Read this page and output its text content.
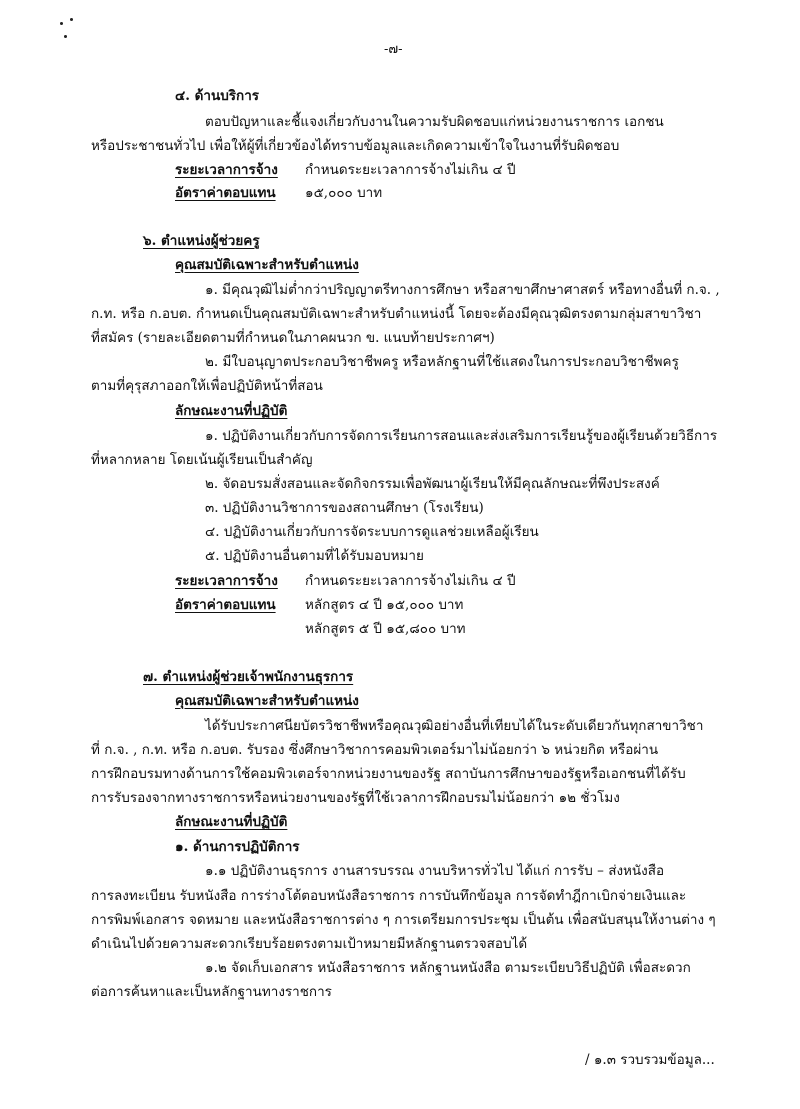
-๗-
๔. ด้านบริการ
ตอบปัญหาและชี้แจงเกี่ยวกับงานในความรับผิดชอบแก่หน่วยงานราชการ เอกชน
หรือประชาชนทั่วไป เพื่อให้ผู้ที่เกี่ยวข้องได้ทราบข้อมูลและเกิดความเข้าใจในงานที่รับผิดชอบ
ระยะเวลาการจ้าง กำหนดระยะเวลาการจ้างไม่เกิน ๔ ปี
อัตราค่าตอบแทน ๑๕,๐๐๐ บาท
๖. ตำแหน่งผู้ช่วยครู
คุณสมบัติเฉพาะสำหรับตำแหน่ง
๑. มีคุณวุฒิไม่ต่ำกว่าปริญญาตรีทางการศึกษา หรือสาขาศึกษาศาสตร์ หรือทางอื่นที่ ก.จ. ,
ก.ท. หรือ ก.อบต. กำหนดเป็นคุณสมบัติเฉพาะสำหรับตำแหน่งนี้ โดยจะต้องมีคุณวุฒิตรงตามกลุ่มสาขาวิชา
ที่สมัคร (รายละเอียดตามที่กำหนดในภาคผนวก ข. แนบท้ายประกาศฯ)
๒. มีใบอนุญาตประกอบวิชาชีพครู หรือหลักฐานที่ใช้แสดงในการประกอบวิชาชีพครู
ตามที่คุรุสภาออกให้เพื่อปฏิบัติหน้าที่สอน
ลักษณะงานที่ปฏิบัติ
๑. ปฏิบัติงานเกี่ยวกับการจัดการเรียนการสอนและส่งเสริมการเรียนรู้ของผู้เรียนด้วยวิธีการ
ที่หลากหลาย โดยเน้นผู้เรียนเป็นสำคัญ
๒. จัดอบรมสั่งสอนและจัดกิจกรรมเพื่อพัฒนาผู้เรียนให้มีคุณลักษณะที่พึงประสงค์
๓. ปฏิบัติงานวิชาการของสถานศึกษา (โรงเรียน)
๔. ปฏิบัติงานเกี่ยวกับการจัดระบบการดูแลช่วยเหลือผู้เรียน
๕. ปฏิบัติงานอื่นตามที่ได้รับมอบหมาย
ระยะเวลาการจ้าง กำหนดระยะเวลาการจ้างไม่เกิน ๔ ปี
อัตราค่าตอบแทน หลักสูตร ๔ ปี ๑๕,๐๐๐ บาท
หลักสูตร ๕ ปี ๑๕,๘๐๐ บาท
๗. ตำแหน่งผู้ช่วยเจ้าพนักงานธุรการ
คุณสมบัติเฉพาะสำหรับตำแหน่ง
ได้รับประกาศนียบัตรวิชาชีพหรือคุณวุฒิอย่างอื่นที่เทียบได้ในระดับเดียวกันทุกสาขาวิชา
ที่ ก.จ. , ก.ท. หรือ ก.อบต. รับรอง ซึ่งศึกษาวิชาการคอมพิวเตอร์มาไม่น้อยกว่า ๖ หน่วยกิต หรือผ่าน
การฝึกอบรมทางด้านการใช้คอมพิวเตอร์จากหน่วยงานของรัฐ สถาบันการศึกษาของรัฐหรือเอกชนที่ได้รับ
การรับรองจากทางราชการหรือหน่วยงานของรัฐที่ใช้เวลาการฝึกอบรมไม่น้อยกว่า ๑๒ ชั่วโมง
ลักษณะงานที่ปฏิบัติ
๑. ด้านการปฏิบัติการ
๑.๑ ปฏิบัติงานธุรการ งานสารบรรณ งานบริหารทั่วไป ได้แก่ การรับ – ส่งหนังสือ
การลงทะเบียน รับหนังสือ การร่างโต้ตอบหนังสือราชการ การบันทึกข้อมูล การจัดทำฎีกาเบิกจ่ายเงินและ
การพิมพ์เอกสาร จดหมาย และหนังสือราชการต่าง ๆ การเตรียมการประชุม เป็นต้น เพื่อสนับสนุนให้งานต่าง ๆ
ดำเนินไปด้วยความสะดวกเรียบร้อยตรงตามเป้าหมายมีหลักฐานตรวจสอบได้
๑.๒ จัดเก็บเอกสาร หนังสือราชการ หลักฐานหนังสือ ตามระเบียบวิธีปฏิบัติ เพื่อสะดวก
ต่อการค้นหาและเป็นหลักฐานทางราชการ
/ ๑.๓ รวบรวมข้อมูล...
